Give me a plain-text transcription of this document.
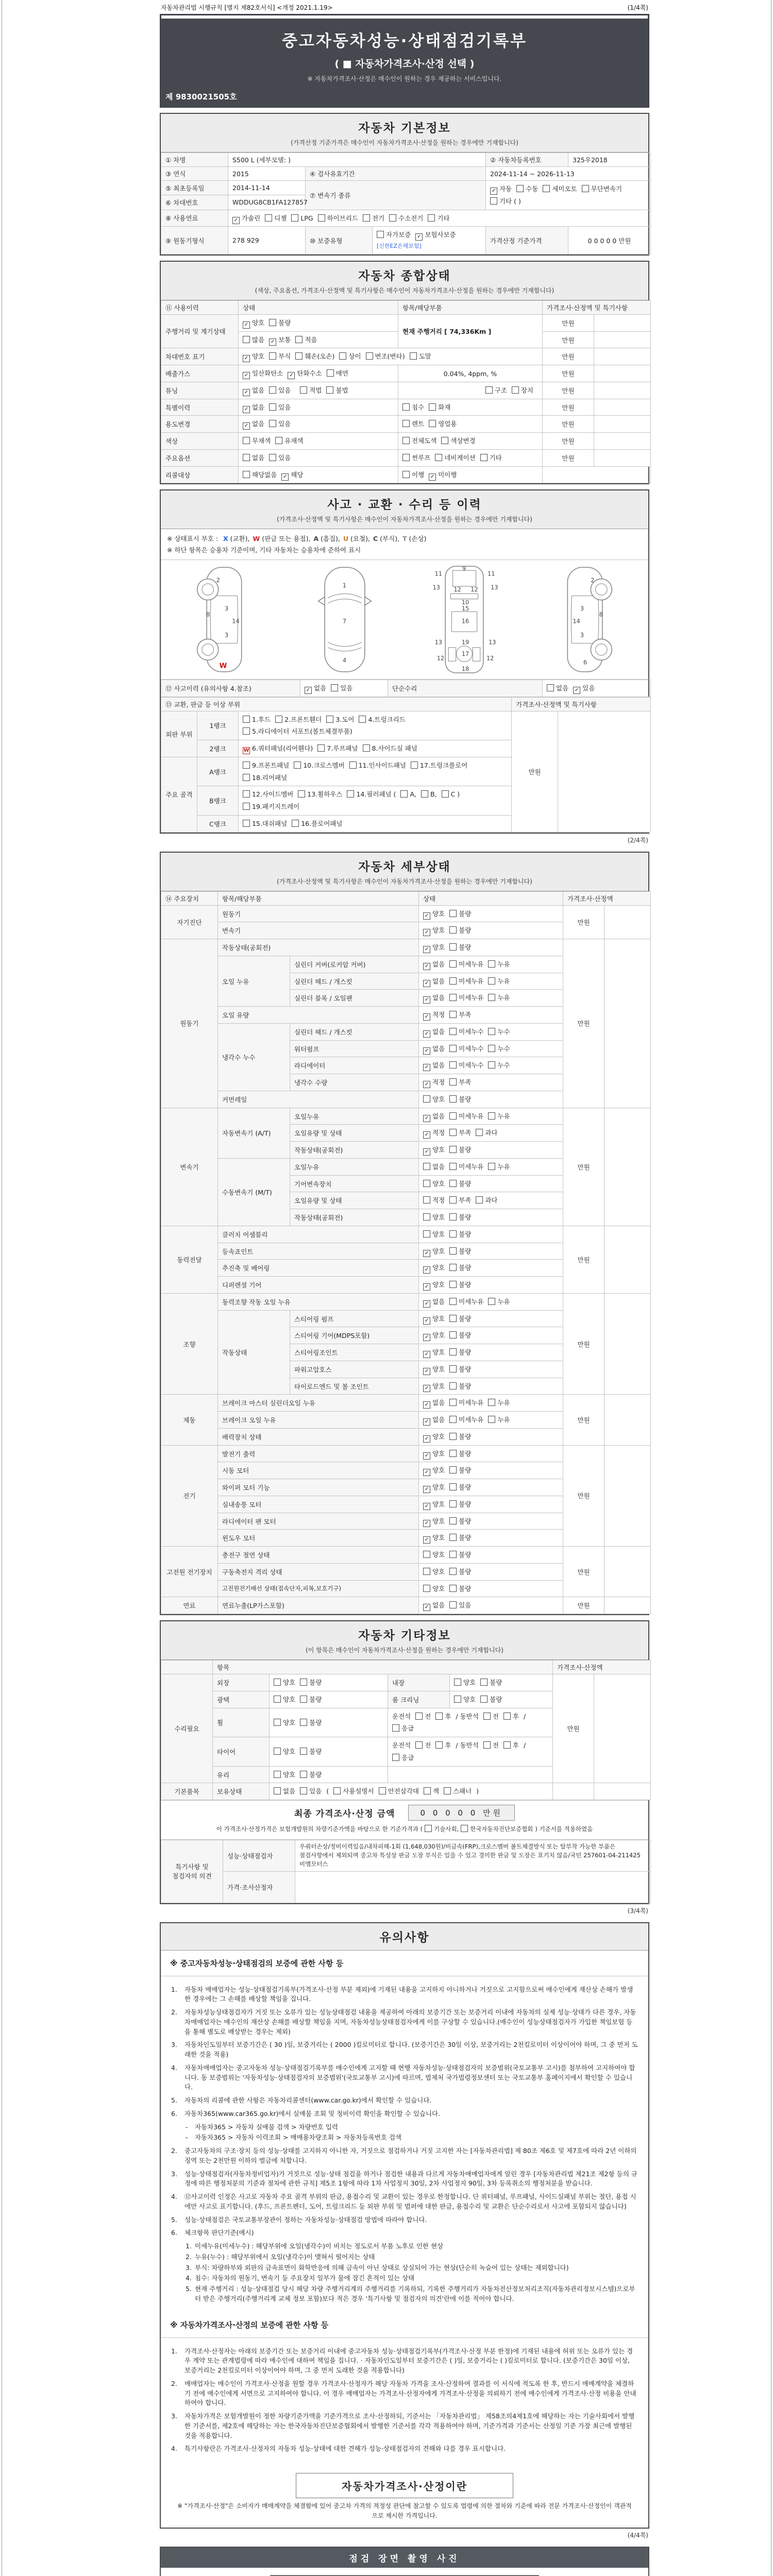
자동차관리법 시행규칙 [별지 제82호서식] <개정 2021.1.19>	(1/4쪽)
중고자동차성능·상태점검기록부
( ■ 자동차가격조사·산정 선택 )
※ 자동차가격조사·산정은 매수인이 원하는 경우 제공하는 서비스입니다.
제 9830021505호
자동차 기본정보
(가격산정 기준가격은 매수인이 자동차가격조사·산정을 원하는 경우에만 기재합니다)
① 차명	S500 L (세부모델: )			② 자동차등록번호	325우2018
③ 연식	2015	④ 검사유효기간		2024-11-14 ~ 2026-11-13	
⑤ 최초등록일	2014-11-14	⑦ 변속기 종류	✓자동 수동 세미오토 무단변속기기타 ( )
⑥ 차대번호	WDDUG8CB1FA127857				
⑧ 사용연료	✓가솔린 디젤 LPG 하이브리드 전기 수소전기 기타
⑨ 원동기형식	278 929	⑩ 보증유형	자가보증 ✓ 보험사보증[신한EZ손해보험]	가격산정 기준가격	0 0 0 0 0 만원
자동차 종합상태
(색상, 주요옵션, 가격조사·산정액 및 특기사항은 매수인이 자동차가격조사·산정을 원하는 경우에만 기재합니다)
⑪ 사용이력	상태	항목/해당부품	가격조사·산정액 및 특기사항	
주행거리 및 계기상태	✓양호 불량	현재 주행거리 [ 74,336Km ]	만원	
	많음 ✓ 보통 적음		만원	
차대번호 표기	✓양호 부식 훼손(오손) 상이 변조(변타) 도말		만원	
배출가스	✓일산화탄소 ✓ 탄화수소 매연	0.04%, 4ppm, %	만원	
튜닝	✓없음 있음 적법 불법	구조 장치	만원	
특별이력	✓없음 있음	침수 화재	만원	
용도변경	✓없음 있음	렌트 영업용	만원	
색상	무채색 유채색	전체도색 색상변경	만원	
주요옵션	없음 있음	썬루프 네비게이션 기타	만원	
리콜대상	해당없음 ✓ 해당	이행 ✓ 미이행	
사고 · 교환 · 수리 등 이력
(가격조사·산정액 및 특기사항은 매수인이 자동차가격조사·산정을 원하는 경우에만 기재합니다)
※ 상태표시 부호 : X (교환), W (판금 또는 용접), A (흠집), U (요철), C (부식), T (손상)
※ 하단 항목은 승용차 기준이며, 기타 자동차는 승용차에 준하여 표시
2
8
3
14
3
W
1
7
4
11
9
11
13 12 12 13
10
15
16
19
13	13
12
17
12
18
2
3
8
14
3
6
⑫ 사고이력 (유의사항 4.참조)	✓없음 있음	단순수리	없음 ✓ 있음
⑬ 교환, 판금 등 이상 부위			가격조사·산정액 및 특기사항	
외판 부위	1랭크	1.후드 2.프론트휀더 3.도어 4.트렁크리드5.라디에이터 서포트(볼트체결부품)	만원	
	2랭크	W6.쿼터패널(리어휀다) 7.루프패널 8.사이드실 패널
주요 골격	A랭크	9.프론트패널 10.크로스멤버 11.인사이드패널 17.트렁크플로어18.리어패널		
	B랭크	12.사이드멤버 13.휠하우스 14.필러패널 ( A, B, C )19.패키지트레이		
	C랭크	15.대쉬패널 16.플로어패널		
(2/4쪽)
자동차 세부상태
(가격조사·산정액 및 특기사항은 매수인이 자동차가격조사·산정을 원하는 경우에만 기재합니다)
⑭ 주요장치	항목/해당부품		상태	가격조사·산정액	
자기진단	원동기	✓양호 불량	만원	
	변속기	✓양호 불량
원동기	작동상태(공회전)	✓양호 불량	만원	
	오일 누유	실린더 커버(로커암 커버)	✓없음 미세누유 누유
		실린더 헤드 / 개스킷	✓없음 미세누유 누유
		실린더 블록 / 오일팬	✓없음 미세누유 누유
	오일 유량	✓적정 부족
	냉각수 누수	실린더 헤드 / 개스킷	✓없음 미세누수 누수
		워터펌프	✓없음 미세누수 누수
		라디에이터	✓없음 미세누수 누수
		냉각수 수량	✓적정 부족
	커먼레일		양호 불량		
변속기	자동변속기 (A/T)	오일누유	✓없음 미세누유 누유	만원	
		오일유량 및 상태	✓적정 부족 과다
		작동상태(공회전)	✓양호 불량
	수동변속기 (M/T)	오일누유	없음 미세누유 누유		
		기어변속장치	양호 불량		
		오일유량 및 상태	적정 부족 과다		
		작동상태(공회전)	양호 불량		
동력전달	클러치 어셈블리		양호 불량	만원	
	등속죠인트	✓양호 불량
	추진축 및 베어링	✓양호 불량
	디퍼렌셜 기어	✓양호 불량
조향	동력조향 작동 오일 누유	✓없음 미세누유 누유	만원	
	작동상태	스티어링 펌프	✓양호 불량
		스티어링 기어(MDPS포함)	✓양호 불량
		스티어링조인트	✓양호 불량
		파워고압호스	✓양호 불량
		타이로드엔드 및 볼 조인트	✓양호 불량
제동	브레이크 마스터 실린더오일 누유	✓없음 미세누유 누유	만원	
	브레이크 오일 누유	✓없음 미세누유 누유
	배력장치 상태	✓양호 불량
전기	발전기 출력	✓양호 불량	만원	
	시동 모터	✓양호 불량
	와이퍼 모터 기능	✓양호 불량
	실내송풍 모터	✓양호 불량
	라디에이터 팬 모터	✓양호 불량
	윈도우 모터	✓양호 불량
고전원 전기장치	충전구 절연 상태		양호 불량	만원	
	구동축전지 격리 상태		양호 불량		
	고전원전기배선 상태(접속단자,피복,보호기구)		양호 불량		
연료	연료누출(LP가스포함)	✓없음 있음	만원	
자동차 기타정보
(이 항목은 매수인이 자동차가격조사·산정을 원하는 경우에만 기재합니다)
	항목				가격조사·산정액	
수리필요	외장	양호 불량	내장	양호 불량	만원	
	광택	양호 불량	룸 크리닝	양호 불량		
	휠	양호 불량	운전석 전 후 / 동반석 전 후 /응급			
	타이어	양호 불량	운전석 전 후 / 동반석 전 후 /응급			
	유리	양호 불량				
기본품목	보유상태	없음 있음 ( 사용설명서 안전삼각대 잭 스패너 )				
최종 가격조사·산정 금액	0 0 0 0 0 만원
이 가격조사·산정가격은 보험개발원의 차량기준가액을 바탕으로 한 기준가격과 ( 기술사회, 한국자동차진단보증협회 ) 기준서를 적용하였음
특기사항 및 점검자의 의견	성능·상태점검자	우쿼터손상/정비이력있음/내차피해-1회 (1,648,030원)/비금속(FRP),크로스멤버 볼트체결방식 또는 탈부착 가능한 부품은 점검사항에서 제외되며 중고차 특성상 판금 도장 부식은 있을 수 있고 경미한 판금 및 도장은 표기치 않음/국민 257601-04-211425 비엠모터스
	가격·조사산정자	
(3/4쪽)
유의사항
※ 중고자동차성능·상태점검의 보증에 관한 사항 등
1.	자동차 매매업자는 성능·상태점검기록부(가격조사·산정 부분 제외)에 기재된 내용을 고지하지 아니하거나 거짓으로 고지함으로써 매수인에게 재산상 손해가 발생한 경우에는 그 손해를 배상할 책임을 집니다.
2.	자동차성능상태점검자가 거짓 또는 오류가 있는 성능상태점검 내용을 제공하여 아래의 보증기간 또는 보증거리 이내에 자동차의 실제 성능·상태가 다른 경우, 자동차매매업자는 매수인의 재산상 손해를 배상할 책임을 지며, 자동차성능상태점검자에게 이를 구상할 수 있습니다.(매수인이 성능상태점검자가 가입한 책임보험 등을 통해 별도로 배상받는 경우는 제외)
3.	자동차인도일부터 보증기간은 ( 30 )일, 보증거리는 ( 2000 )킬로미터로 합니다. (보증기간은 30일 이상, 보증거리는 2천킬로미터 이상이어야 하며, 그 중 먼저 도래한 것을 적용)
4.	자동차매매업자는 중고자동차 성능·상태점검기록부를 매수인에게 고지할 때 현행 자동차성능·상태점검자의 보증범위(국토교통부 고시)를 첨부하여 고지하여야 합니다. 동 보증범위는 '자동차성능·상태점검자의 보증범위'(국토교통부 고시)에 따르며, 법제처 국가법령정보센터 또는 국토교통부 홈페이지에서 확인할 수 있습니다.
5.	자동차의 리콜에 관한 사항은 자동차리콜센터(www.car.go.kr)에서 확인할 수 있습니다.
6.	자동차365(www.car365.go.kr)에서 실매물 조회 및 정비이력 확인을 확인할 수 있습니다.
-	자동차365 > 자동차 실매물 검색 > 차량번호 입력
-	자동차365 > 자동차 이력조회 > 매매용차량조회 > 자동차등록번호 검색
2.	중고자동차의 구조·장치 등의 성능·상태를 고지하지 아니한 자, 거짓으로 점검하거나 거짓 고지한 자는 [자동차관리법] 제 80조 제6호 및 제7호에 따라 2년 이하의 징역 또는 2천만원 이하의 벌금에 처합니다.
3.	성능·상태점검자(자동차정비업자)가 거짓으로 성능·상태 점검을 하거나 점검한 내용과 다르게 자동차매매업자에게 알린 경우 [자동차관리법 제21조 제2항 등의 규정에 따른 행정처분의 기준과 절차에 관한 규칙] 제5조 1항에 따라 1차 사업정지 30일, 2차 사업정지 90일, 3차 등록취소의 행정처분을 받습니다.
4.	⑫사고이력 인정은 사고로 자동차 주요 골격 부위의 판금, 용접수리 및 교환이 있는 경우로 한정합니다. 단 쿼터패널, 루프패널, 사이드실패널 부위는 절단, 용접 시에만 사고로 표기합니다. (후드, 프론트펜더, 도어, 트렁크리드 등 외판 부위 및 범퍼에 대한 판금, 용접수리 및 교환은 단순수리로서 사고에 포함되지 않습니다)
5.	성능·상태점검은 국토교통부장관이 정하는 자동차성능·상태점검 방법에 따라야 합니다.
6.	체크항목 판단기준(예시)
1. 미세누유(미세누수) : 해당부위에 오일(냉각수)이 비치는 정도로서 부품 노후로 인한 현상
2. 누유(누수) : 해당부위에서 오일(냉각수)이 맺혀서 떨어지는 상태
3. 부식: 차량하부와 외판의 금속표면이 화학반응에 의해 금속이 아닌 상태로 상실되어 가는 현상(단순히 녹슬어 있는 상태는 제외합니다)
4. 침수: 자동차의 원동기, 변속기 등 주요장치 일부가 물에 잠긴 흔적이 있는 상태
5. 현재 주행거리 : 성능·상태점검 당시 해당 차량 주행거리계의 주행거리를 기록하되, 기록한 주행거리가 자동차전산정보처리조직(자동차관리정보시스템)으로부터 받은 주행거리(주행거리계 교체 정보 포함)보다 적은 경우 '특기사항 및 점검자의 의견'란에 이를 적어야 합니다.
※ 자동차가격조사·산정의 보증에 관한 사항 등
1.	가격조사·산정자는 아래의 보증기간 또는 보증거리 이내에 중고자동차 성능·상태점검기록부(가격조사·산정 부분 한정)에 기재된 내용에 허위 또는 오류가 있는 경우 계약 또는 관계법령에 따라 매수인에 대하여 책임을 집니다. · 자동차인도일부터 보증기간은 ( )일, 보증거리는 ( )킬로미터로 합니다. (보증기간은 30일 이상, 보증거리는 2천킬로미터 이상이어야 하며, 그 중 먼저 도래한 것을 적용합니다)
2.	매매업자는 매수인이 가격조사·산정을 원할 경우 가격조사·산정자가 해당 자동차 가격을 조사·산정하여 결과를 이 서식에 적도록 한 후, 반드시 매매계약을 체결하기 전에 매수인에게 서면으로 고지하여야 합니다. 이 경우 매매업자는 가격조사·산정자에게 가격조사·산정을 의뢰하기 전에 매수인에게 가격조사·산정 비용을 안내하여야 합니다.
3.	자동차가격은 보험개발원이 정한 차량기준가액을 기준가격으로 조사·산정하되, 기준서는 「자동차관리법」 제58조의4제1호에 해당하는 자는 기술사회에서 발행한 기준서를, 제2호에 해당하는 자는 한국자동차진단보증협회에서 발행한 기준서를 각각 적용하여야 하며, 기준가격과 기준서는 산정일 기준 가장 최근에 발행된 것을 적용합니다.
4.	특기사항란은 가격조사·산정자의 자동차 성능·상태에 대한 견해가 성능·상태점검자의 견해와 다를 경우 표시합니다.
자동차가격조사·산정이란
※ "가격조사·산정"은 소비자가 매매계약을 체결함에 있어 중고차 가격의 적정성 판단에 참고할 수 있도록 법령에 의한 절차와 기준에 따라 전문 가격조사·산정인이 객관적으로 제시한 가격입니다.
(4/4쪽)
점검 장면 촬영 사진
